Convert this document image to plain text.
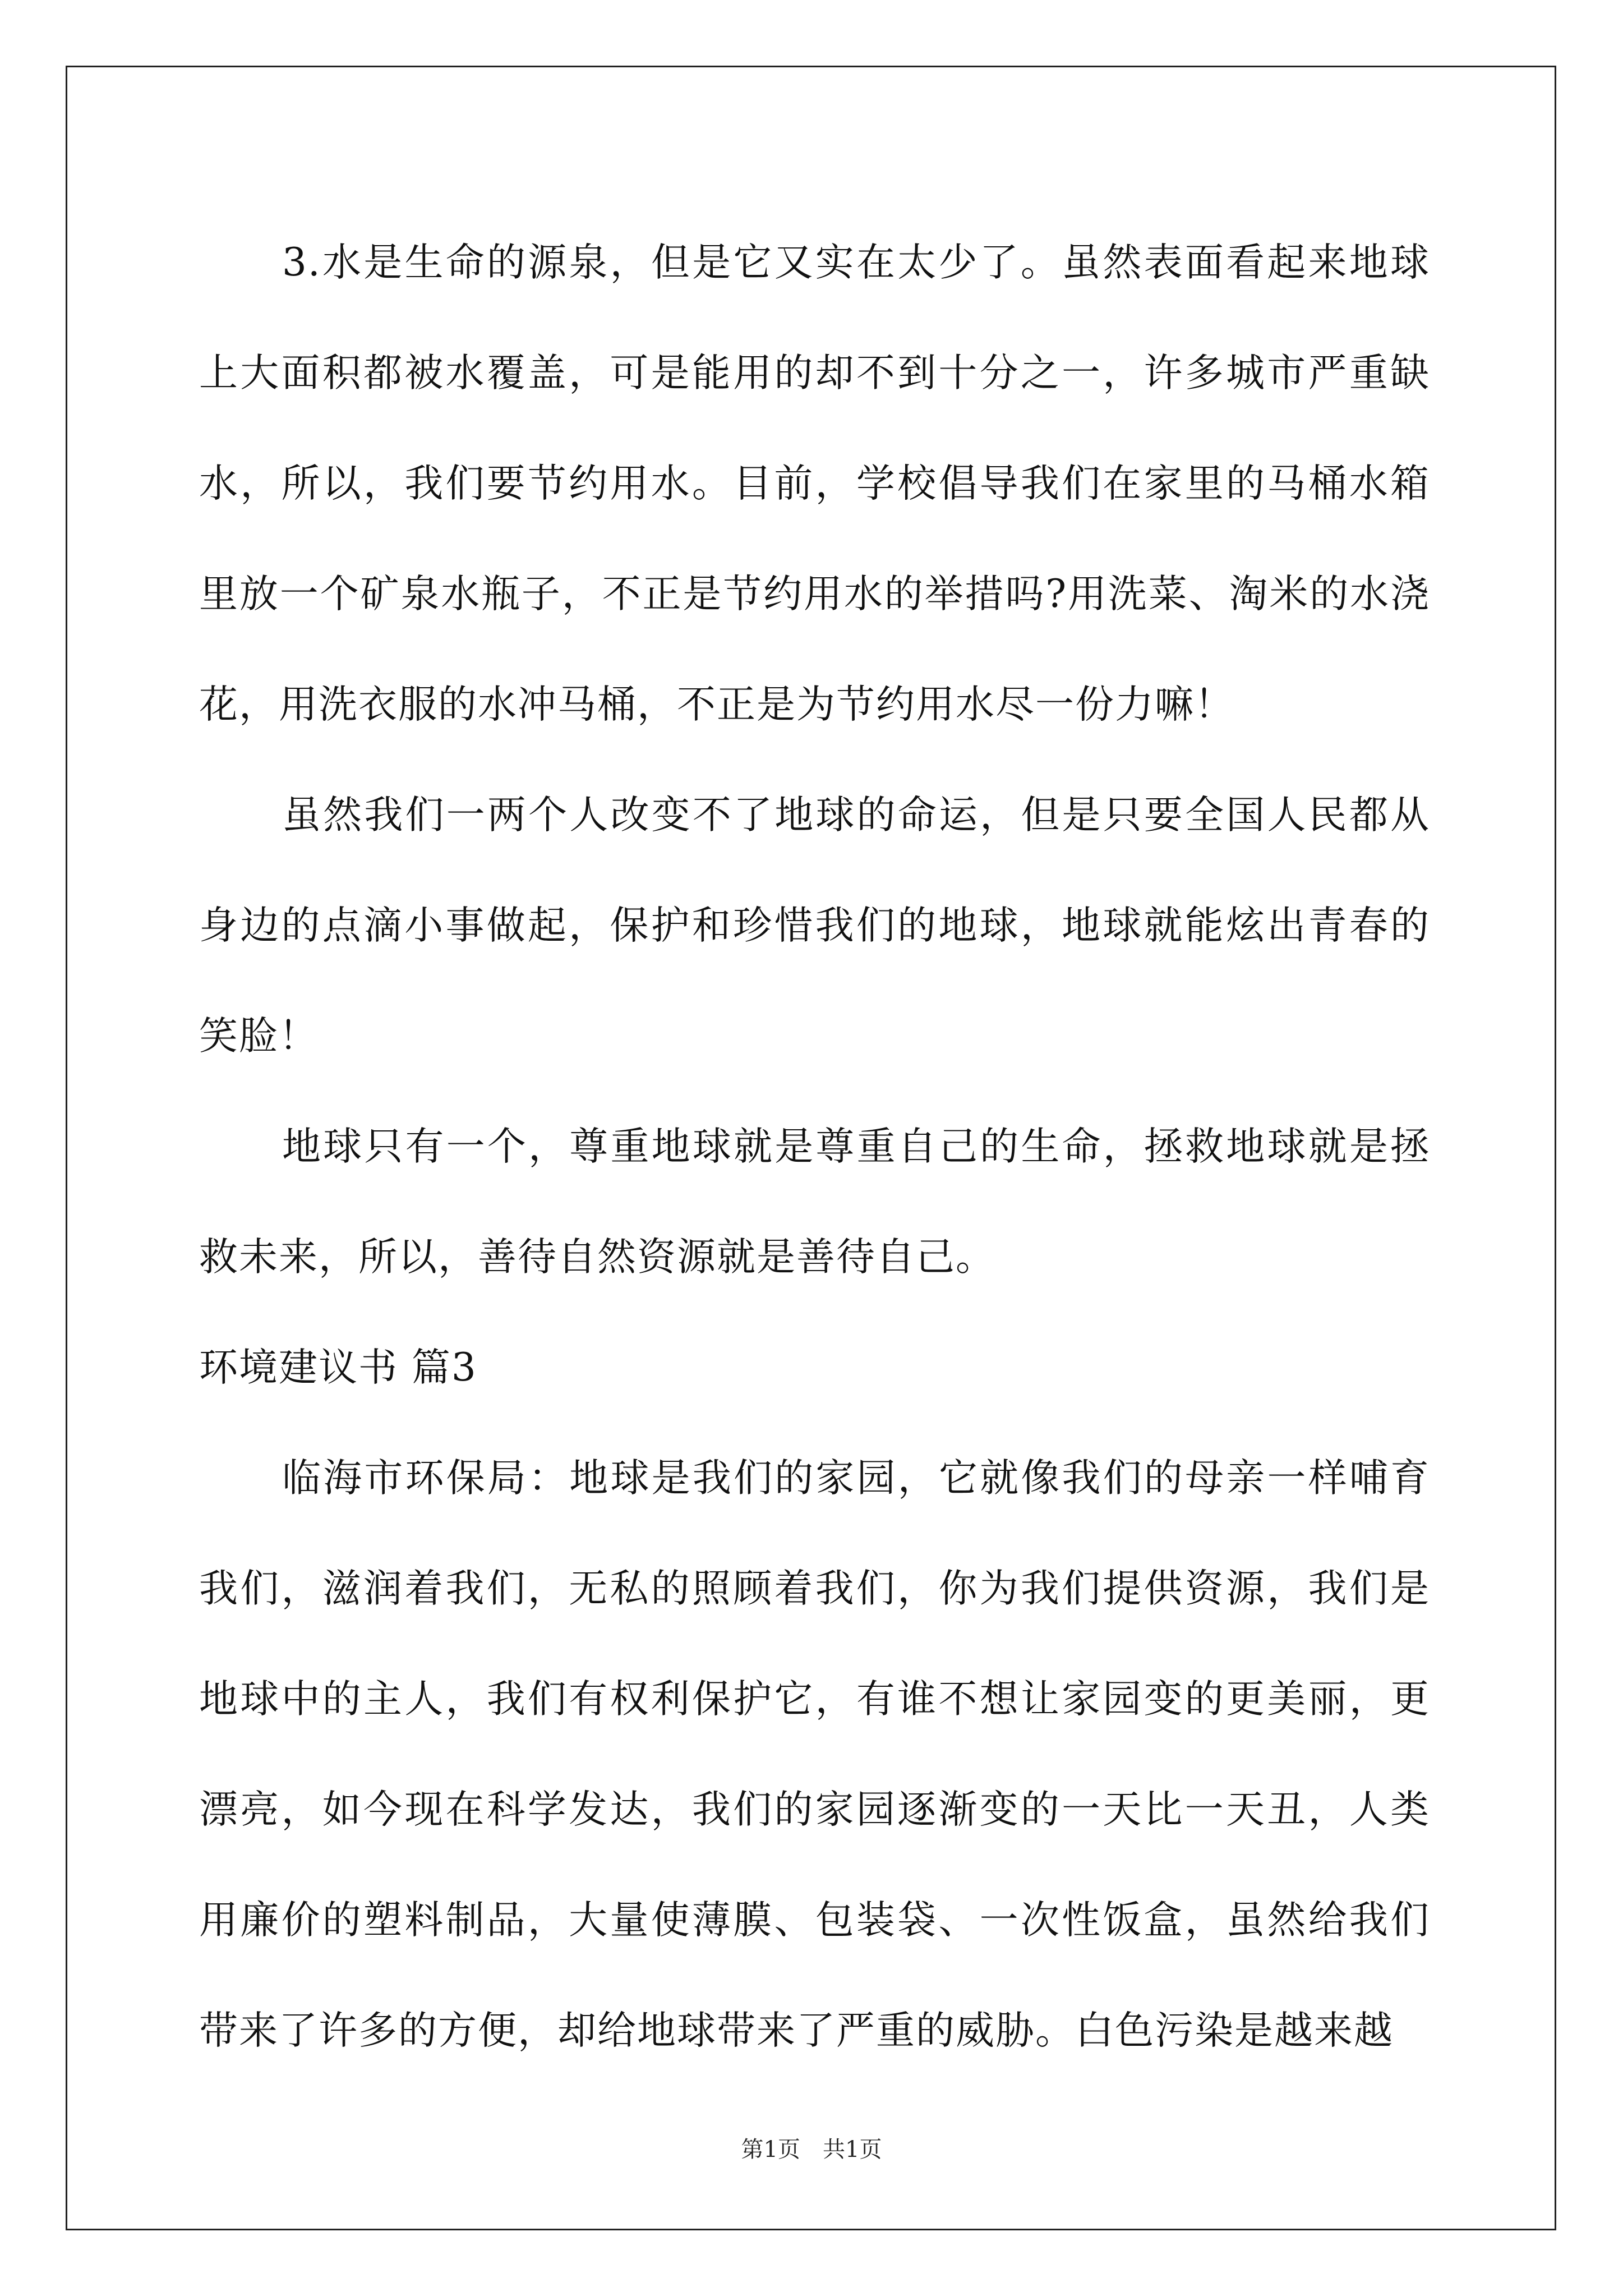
3.水是生命的源泉，但是它又实在太少了。虽然表面看起来地球上大面积都被水覆盖，可是能用的却不到十分之一，许多城市严重缺水，所以，我们要节约用水。目前，学校倡导我们在家里的马桶水箱里放一个矿泉水瓶子，不正是节约用水的举措吗?用洗菜、淘米的水浇花，用洗衣服的水冲马桶，不正是为节约用水尽一份力嘛！

虽然我们一两个人改变不了地球的命运，但是只要全国人民都从身边的点滴小事做起，保护和珍惜我们的地球，地球就能炫出青春的笑脸！

地球只有一个，尊重地球就是尊重自己的生命，拯救地球就是拯救未来，所以，善待自然资源就是善待自己。

环境建议书 篇3

临海市环保局：地球是我们的家园，它就像我们的母亲一样哺育我们，滋润着我们，无私的照顾着我们，你为我们提供资源，我们是地球中的主人，我们有权利保护它，有谁不想让家园变的更美丽，更漂亮，如今现在科学发达，我们的家园逐渐变的一天比一天丑，人类用廉价的塑料制品，大量使薄膜、包装袋、一次性饭盒，虽然给我们带来了许多的方便，却给地球带来了严重的威胁。白色污染是越来越

第1页　共1页
